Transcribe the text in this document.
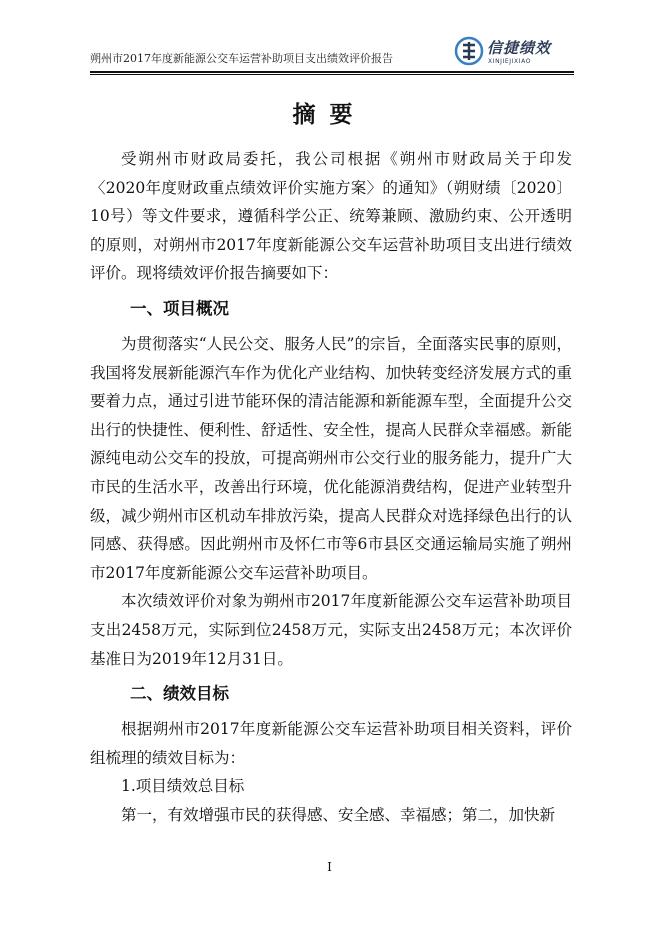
朔州市2017年度新能源公交车运营补助项目支出绩效评价报告
信捷绩效
XINJIEJIXIAO
摘要

受朔州市财政局委托，我公司根据《朔州市财政局关于印发〈2020年度财政重点绩效评价实施方案〉的通知》（朔财绩〔2020〕10号）等文件要求，遵循科学公正、统筹兼顾、激励约束、公开透明的原则，对朔州市2017年度新能源公交车运营补助项目支出进行绩效评价。现将绩效评价报告摘要如下：

一、项目概况

为贯彻落实“人民公交、服务人民”的宗旨，全面落实民事的原则，我国将发展新能源汽车作为优化产业结构、加快转变经济发展方式的重要着力点，通过引进节能环保的清洁能源和新能源车型，全面提升公交出行的快捷性、便利性、舒适性、安全性，提高人民群众幸福感。新能源纯电动公交车的投放，可提高朔州市公交行业的服务能力，提升广大市民的生活水平，改善出行环境，优化能源消费结构，促进产业转型升级，减少朔州市区机动车排放污染，提高人民群众对选择绿色出行的认同感、获得感。因此朔州市及怀仁市等6市县区交通运输局实施了朔州市2017年度新能源公交车运营补助项目。

本次绩效评价对象为朔州市2017年度新能源公交车运营补助项目支出2458万元，实际到位2458万元，实际支出2458万元；本次评价基准日为2019年12月31日。

二、绩效目标

根据朔州市2017年度新能源公交车运营补助项目相关资料，评价组梳理的绩效目标为：

1.项目绩效总目标

第一，有效增强市民的获得感、安全感、幸福感；第二，加快新

I
